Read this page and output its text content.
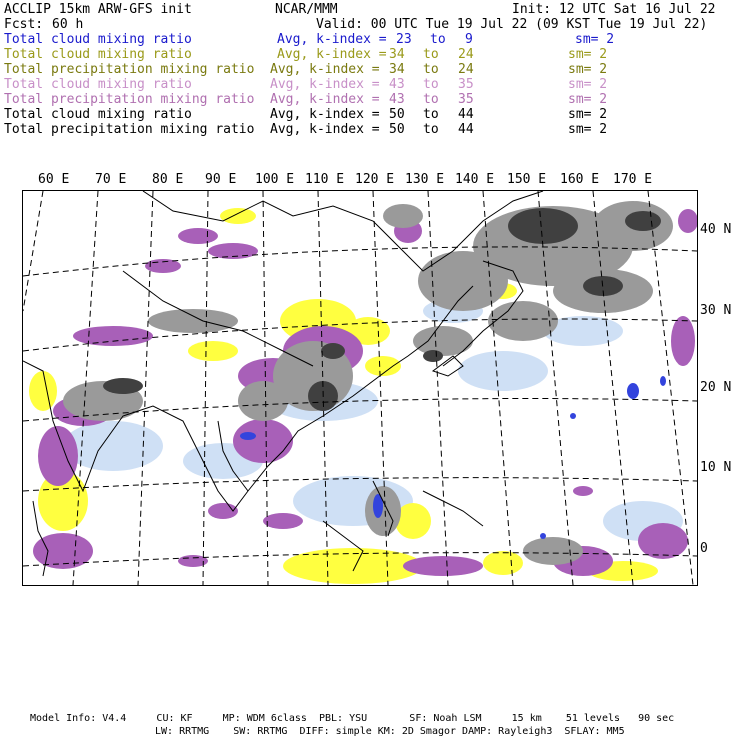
ACCLIP 15km ARW-GFS init	NCAR/MMM	Init: 12 UTC Sat 16 Jul 22
Fcst: 60 h	Valid: 00 UTC Tue 19 Jul 22 (09 KST Tue 19 Jul 22)
Total cloud mixing ratio	Avg, k-index = 23 to 9	sm= 2
Total cloud mixing ratio	Avg, k-index = 34 to 24	sm= 2
Total precipitation mixing ratio Avg, k-index = 34 to 24	sm= 2
Total cloud mixing ratio	Avg, k-index = 43 to 35	sm= 2
Total precipitation mixing ratio Avg, k-index = 43 to 35	sm= 2
Total cloud mixing ratio	Avg, k-index = 50 to 44	sm= 2
Total precipitation mixing ratio Avg, k-index = 50 to 44	sm= 2
60 E 70 E 80 E 90 E 100 E 110 E 120 E 130 E 140 E 150 E 160 E 170 E
40 N
30 N
20 N
10 N
0
Model Info: V4.4     CU: KF     MP: WDM 6class  PBL: YSU       SF: Noah LSM     15 km    51 levels   90 sec
LW: RRTMG    SW: RRTMG  DIFF: simple KM: 2D Smagor DAMP: Rayleigh3  SFLAY: MM5
